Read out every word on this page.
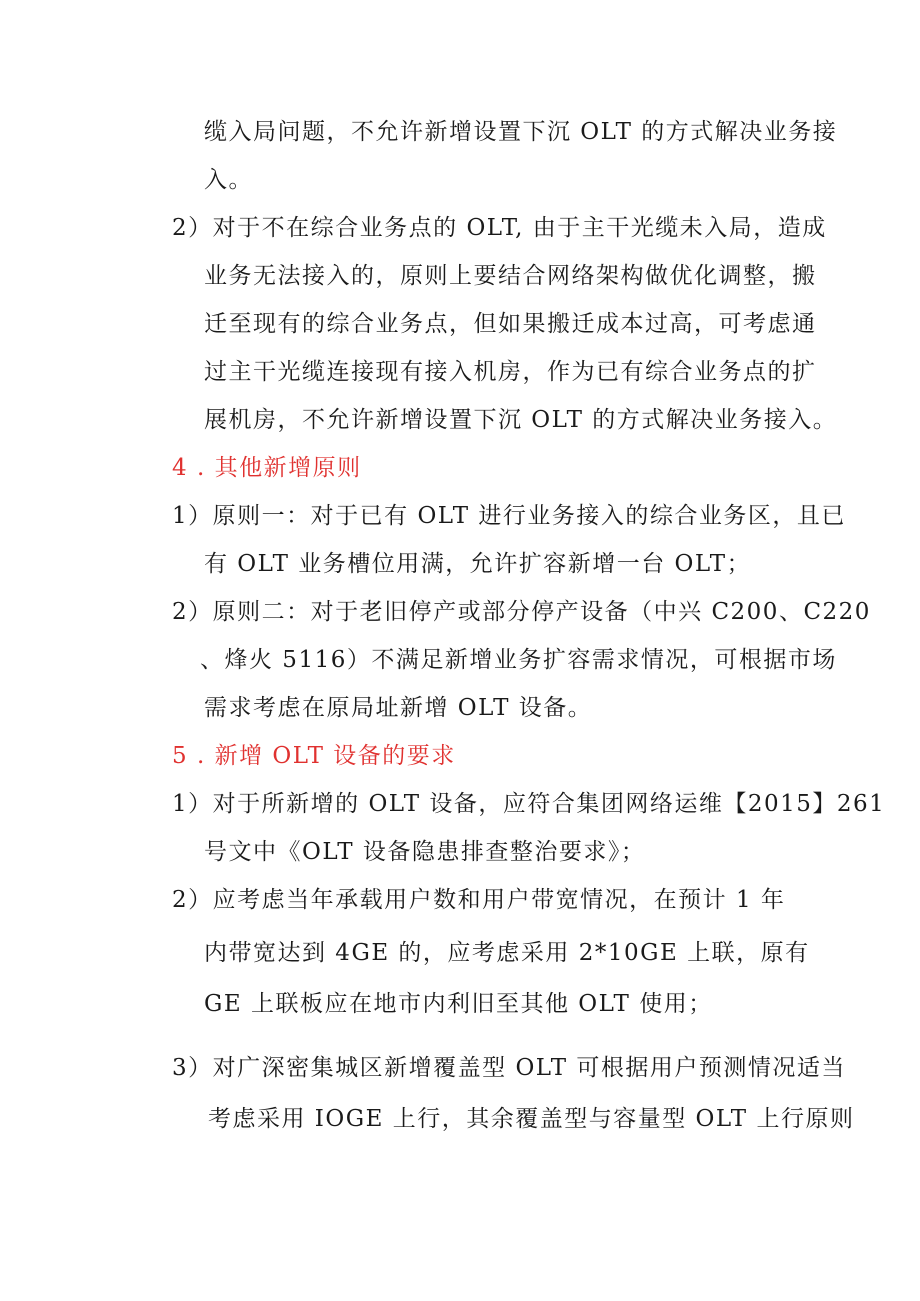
缆入局问题，不允许新增设置下沉 OLT 的方式解决业务接
入。
2）对于不在综合业务点的 OLT, 由于主干光缆未入局，造成
业务无法接入的，原则上要结合网络架构做优化调整，搬
迁至现有的综合业务点，但如果搬迁成本过高，可考虑通
过主干光缆连接现有接入机房，作为已有综合业务点的扩
展机房，不允许新增设置下沉 OLT 的方式解决业务接入。
4 . 其他新增原则
1）原则一：对于已有 OLT 进行业务接入的综合业务区，且已
有 OLT 业务槽位用满，允许扩容新增一台 OLT；
2）原则二：对于老旧停产或部分停产设备（中兴 C200、C220
、烽火 5116）不满足新增业务扩容需求情况，可根据市场
需求考虑在原局址新增 OLT 设备。
5 . 新增 OLT 设备的要求
1）对于所新增的 OLT 设备，应符合集团网络运维【2015】261
号文中《OLT 设备隐患排查整治要求》；
2）应考虑当年承载用户数和用户带宽情况，在预计 1 年
内带宽达到 4GE 的，应考虑采用 2*10GE 上联，原有
GE 上联板应在地市内利旧至其他 OLT 使用；
3）对广深密集城区新增覆盖型 OLT 可根据用户预测情况适当
考虑采用 IOGE 上行，其余覆盖型与容量型 OLT 上行原则
